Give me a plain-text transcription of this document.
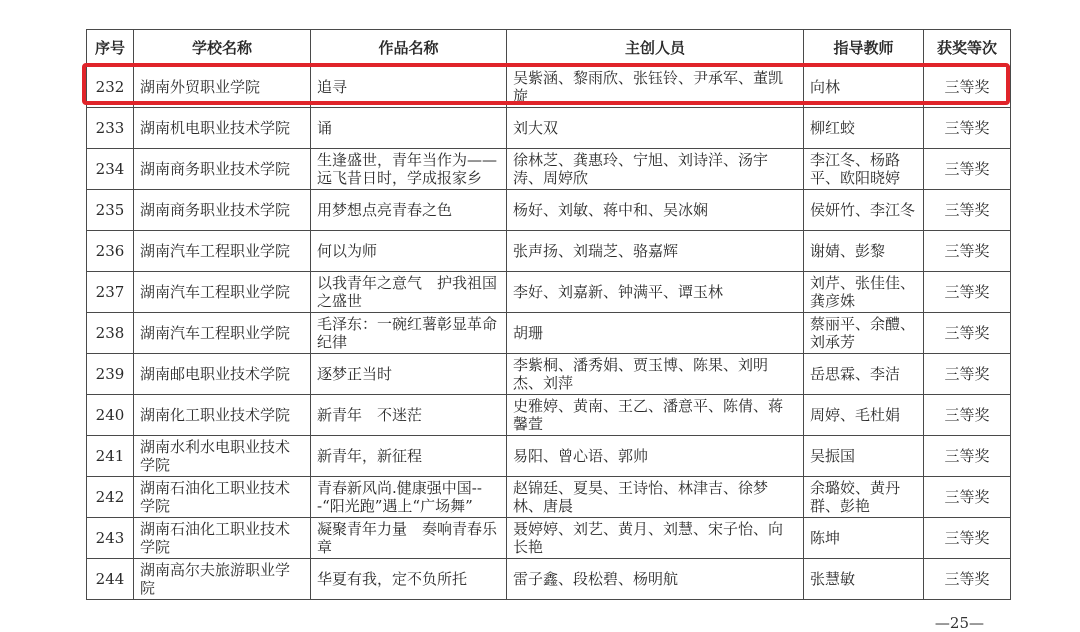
序号	学校名称	作品名称	主创人员	指导教师	获奖等次
232	湖南外贸职业学院	追寻	吴紫涵、黎雨欣、张钰铃、尹承军、董凯旋	向林	三等奖
233	湖南机电职业技术学院	诵	刘大双	柳红蛟	三等奖
234	湖南商务职业技术学院	生逢盛世，青年当作为——远飞昔日时，学成报家乡	徐林芝、龚惠玲、宁旭、刘诗洋、汤宇涛、周婷欣	李江冬、杨路平、欧阳晓婷	三等奖
235	湖南商务职业技术学院	用梦想点亮青春之色	杨好、刘敏、蒋中和、吴冰娴	侯妍竹、李江冬	三等奖
236	湖南汽车工程职业学院	何以为师	张声扬、刘瑞芝、骆嘉辉	谢婧、彭黎	三等奖
237	湖南汽车工程职业学院	以我青年之意气　护我祖国之盛世	李好、刘嘉新、钟满平、谭玉林	刘芹、张佳佳、龚彦姝	三等奖
238	湖南汽车工程职业学院	毛泽东：一碗红薯彰显革命纪律	胡珊	蔡丽平、余醴、刘承芳	三等奖
239	湖南邮电职业技术学院	逐梦正当时	李紫桐、潘秀娟、贾玉博、陈果、刘明杰、刘萍	岳思霖、李洁	三等奖
240	湖南化工职业技术学院	新青年　不迷茫	史雅婷、黄南、王乙、潘意平、陈倩、蒋馨萱	周婷、毛杜娟	三等奖
241	湖南水利水电职业技术学院	新青年，新征程	易阳、曾心语、郭帅	吴振国	三等奖
242	湖南石油化工职业技术学院	青春新风尚.健康强中国---“阳光跑”遇上“广场舞”	赵锦廷、夏昊、王诗怡、林津吉、徐梦林、唐晨	余璐姣、黄丹群、彭艳	三等奖
243	湖南石油化工职业技术学院	凝聚青年力量　奏响青春乐章	聂婷婷、刘艺、黄月、刘慧、宋子怡、向长艳	陈坤	三等奖
244	湖南高尔夫旅游职业学院	华夏有我，定不负所托	雷子鑫、段松碧、杨明航	张慧敏	三等奖
—25—
